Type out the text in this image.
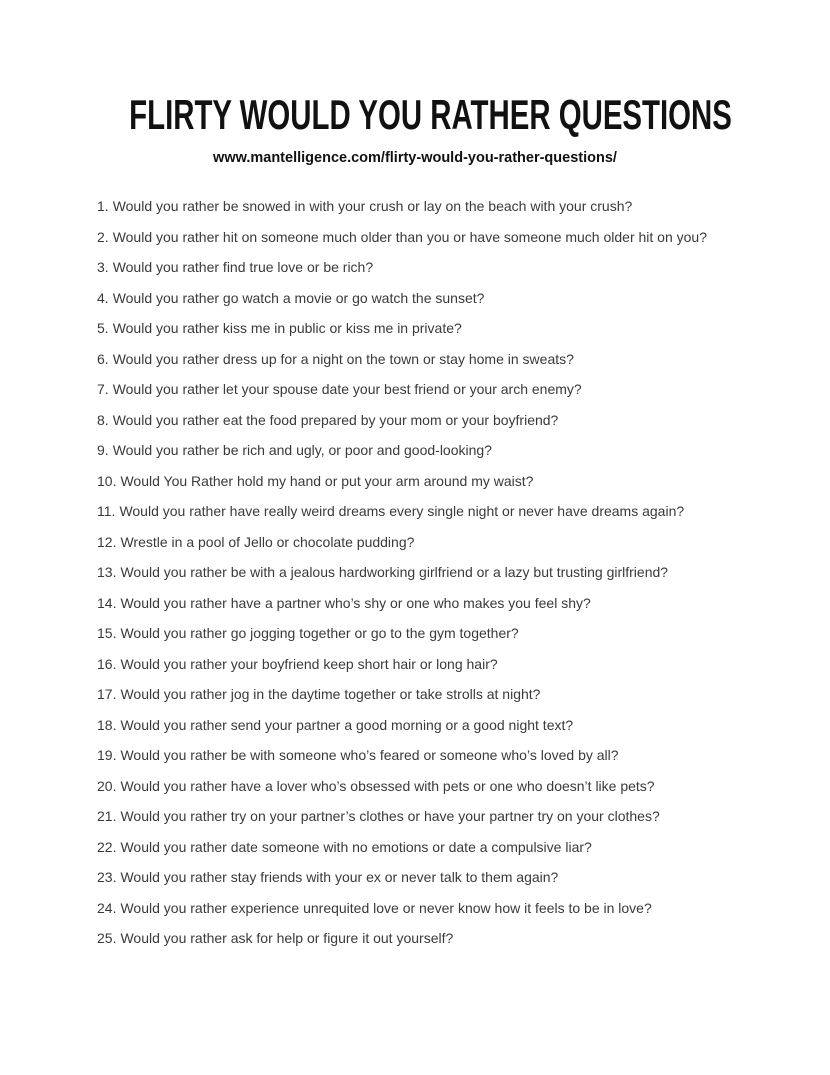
FLIRTY WOULD YOU RATHER QUESTIONS
www.mantelligence.com/flirty-would-you-rather-questions/
1. Would you rather be snowed in with your crush or lay on the beach with your crush?
2. Would you rather hit on someone much older than you or have someone much older hit on you?
3. Would you rather find true love or be rich?
4. Would you rather go watch a movie or go watch the sunset?
5. Would you rather kiss me in public or kiss me in private?
6. Would you rather dress up for a night on the town or stay home in sweats?
7. Would you rather let your spouse date your best friend or your arch enemy?
8. Would you rather eat the food prepared by your mom or your boyfriend?
9. Would you rather be rich and ugly, or poor and good-looking?
10. Would You Rather hold my hand or put your arm around my waist?
11. Would you rather have really weird dreams every single night or never have dreams again?
12. Wrestle in a pool of Jello or chocolate pudding?
13. Would you rather be with a jealous hardworking girlfriend or a lazy but trusting girlfriend?
14. Would you rather have a partner who’s shy or one who makes you feel shy?
15. Would you rather go jogging together or go to the gym together?
16. Would you rather your boyfriend keep short hair or long hair?
17. Would you rather jog in the daytime together or take strolls at night?
18. Would you rather send your partner a good morning or a good night text?
19. Would you rather be with someone who’s feared or someone who’s loved by all?
20. Would you rather have a lover who’s obsessed with pets or one who doesn’t like pets?
21. Would you rather try on your partner’s clothes or have your partner try on your clothes?
22. Would you rather date someone with no emotions or date a compulsive liar?
23. Would you rather stay friends with your ex or never talk to them again?
24. Would you rather experience unrequited love or never know how it feels to be in love?
25. Would you rather ask for help or figure it out yourself?
